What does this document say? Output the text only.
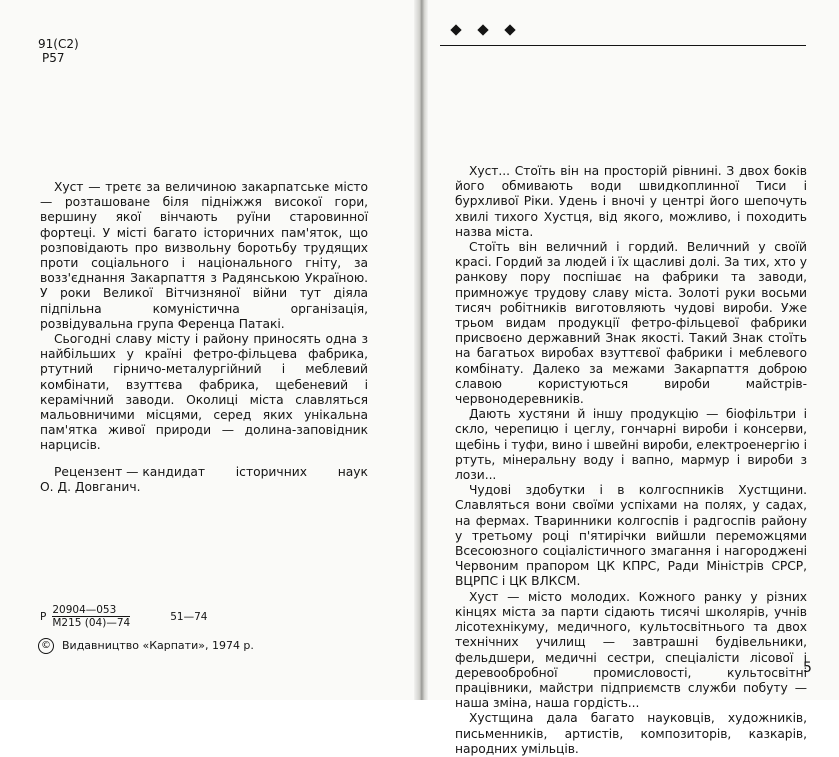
91(С2)
Р57

Хуст — третє за величиною закарпатське місто — розташоване біля підніжжя високої гори, вершину якої вінчають руїни старовинної фортеці. У місті багато історичних пам'яток, що розповідають про визвольну боротьбу трудящих проти соціального і національного гніту, за возз'єднання Закарпаття з Радянською Україною. У роки Великої Вітчизняної війни тут діяла підпільна комуністична організація, розвідувальна група Ференца Патакі.

Сьогодні славу місту і району приносять одна з найбільших у країні фетро-фільцева фабрика, ртутний гірничо-металургійний і меблевий комбінати, взуттєва фабрика, щебеневий і керамічний заводи. Околиці міста славляться мальовничими місцями, серед яких унікальна пам'ятка живої природи — долина-заповідник нарцисів.

Рецензент — кандидат	історичних	наук
О. Д. Довганич.
Р $\frac{20904—053}{М215 (04)—74}$	51—74
© Видавництво «Карпати», 1974 р.

Хуст... Стоїть він на просторій рівнині. З двох боків його обмивають води швидкоплинної Тиси і бурхливої Ріки. Удень і вночі у центрі його шепочуть хвилі тихого Хустця, від якого, можливо, і походить назва міста.

Стоїть він величний і гордий. Величний у своїй красі. Гордий за людей і їх щасливі долі. За тих, хто у ранкову пору поспішає на фабрики та заводи, примножує трудову славу міста. Золоті руки восьми тисяч робітників виготовляють чудові вироби. Уже трьом видам продукції фетро-фільцевої фабрики присвоєно державний Знак якості. Такий Знак стоїть на багатьох виробах взуттєвої фабрики і меблевого комбінату. Далеко за межами Закарпаття доброю славою користуються вироби майстрів-червонодеревників.

Дають хустяни й іншу продукцію — біофільтри і скло, черепицю і цеглу, гончарні вироби і консерви, щебінь і туфи, вино і швейні вироби, електроенергію і ртуть, мінеральну воду і вапно, мармур і вироби з лози...

Чудові здобутки і в колгоспників Хустщини. Славляться вони своїми успіхами на полях, у садах, на фермах. Тваринники колгоспів і радгоспів району у третьому році п'ятирічки вийшли переможцями Всесоюзного соціалістичного змагання і нагороджені Червоним прапором ЦК КПРС, Ради Міністрів СРСР, ВЦРПС і ЦК ВЛКСМ.

Хуст — місто молодих. Кожного ранку у різних кінцях міста за парти сідають тисячі школярів, учнів лісотехнікуму, медичного, культосвітнього та двох технічних училищ — завтрашні будівельники, фельдшери, медичні сестри, спеціалісти лісової і деревообробної промисловості, культосвітні працівники, майстри підприємств служби побуту — наша зміна, наша гордість...

Хустщина дала багато науковців, художників, письменників, артистів, композиторів, казкарів, народних умільців.

5
